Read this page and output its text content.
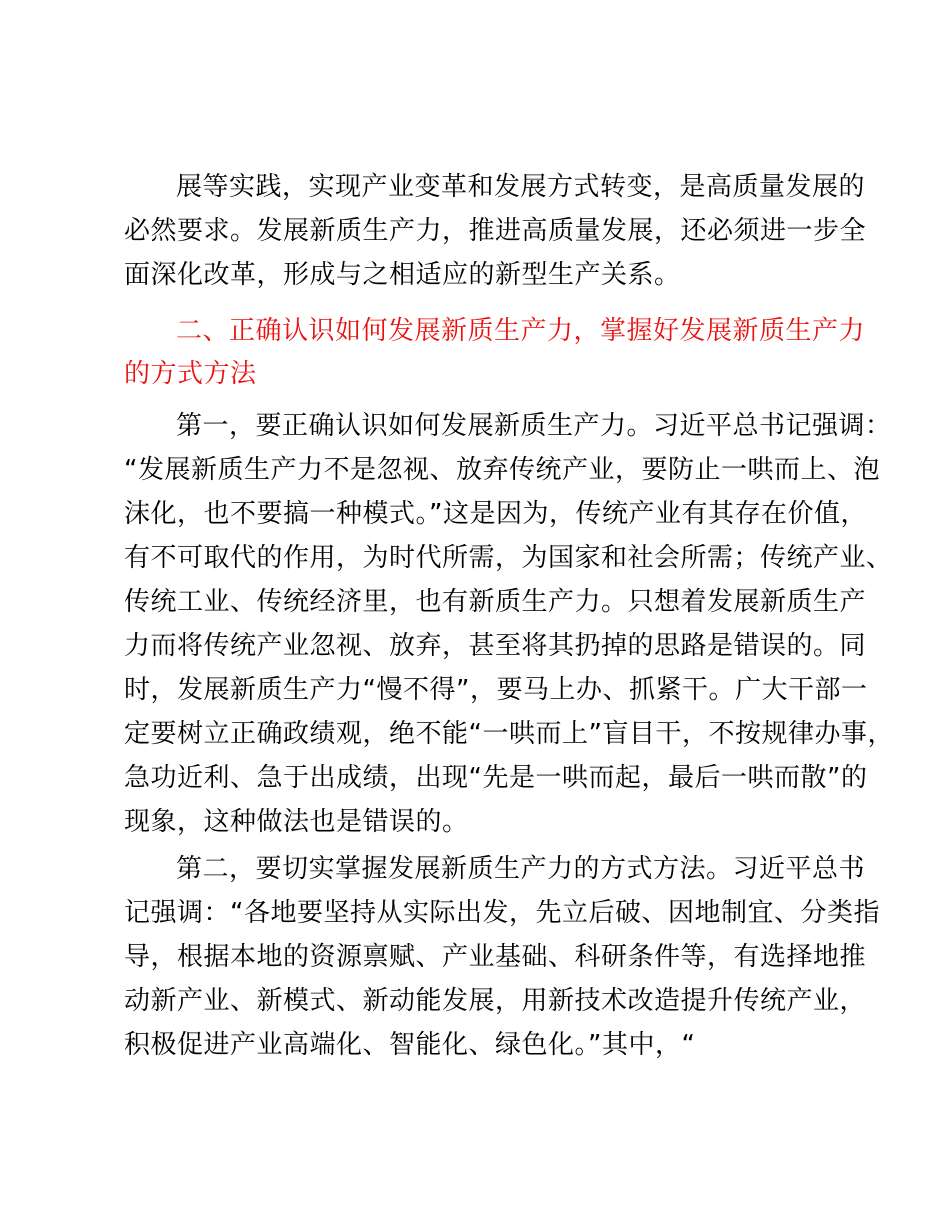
展等实践，实现产业变革和发展方式转变，是高质量发展的
必然要求。发展新质生产力，推进高质量发展，还必须进一步全
面深化改革，形成与之相适应的新型生产关系。
二、正确认识如何发展新质生产力，掌握好发展新质生产力
的方式方法
第一，要正确认识如何发展新质生产力。习近平总书记强调：
“发展新质生产力不是忽视、放弃传统产业，要防止一哄而上、泡
沫化，也不要搞一种模式。”这是因为，传统产业有其存在价值，
有不可取代的作用，为时代所需，为国家和社会所需；传统产业、
传统工业、传统经济里，也有新质生产力。只想着发展新质生产
力而将传统产业忽视、放弃，甚至将其扔掉的思路是错误的。同
时，发展新质生产力“慢不得”，要马上办、抓紧干。广大干部一
定要树立正确政绩观，绝不能“一哄而上”盲目干，不按规律办事，
急功近利、急于出成绩，出现“先是一哄而起，最后一哄而散”的
现象，这种做法也是错误的。
第二，要切实掌握发展新质生产力的方式方法。习近平总书
记强调：“各地要坚持从实际出发，先立后破、因地制宜、分类指
导，根据本地的资源禀赋、产业基础、科研条件等，有选择地推
动新产业、新模式、新动能发展，用新技术改造提升传统产业，
积极促进产业高端化、智能化、绿色化。”其中，“
